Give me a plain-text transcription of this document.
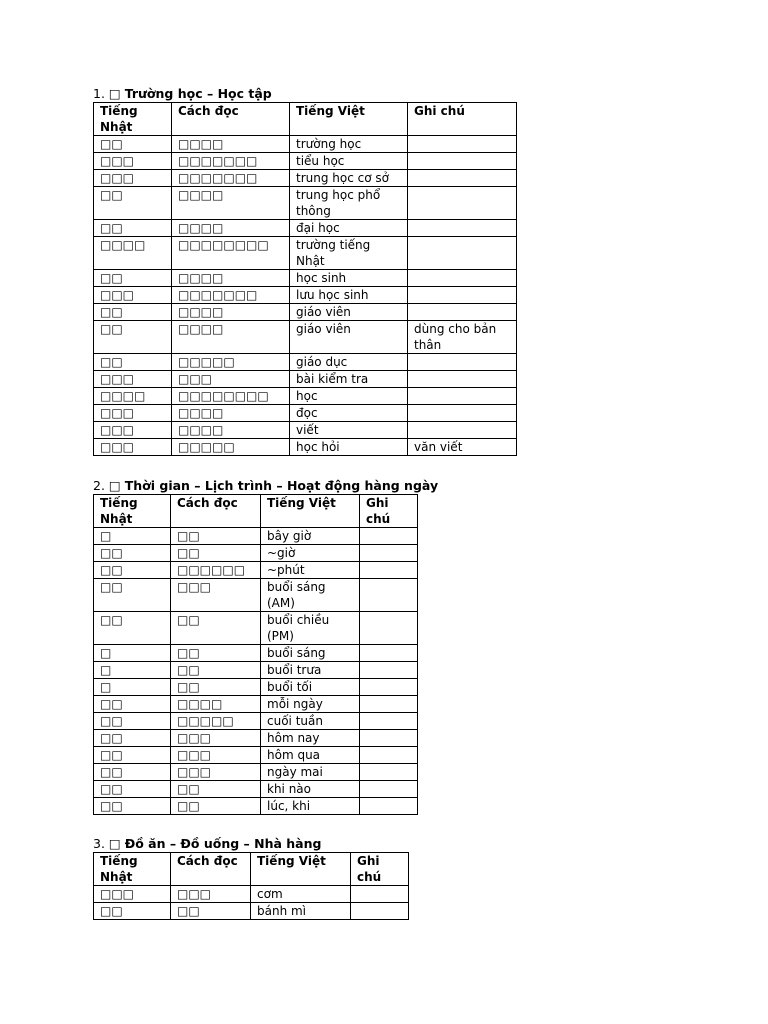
1. □ Trường học – Học tập
Tiếng Nhật	Cách đọc	Tiếng Việt	Ghi chú
□□	□□□□	trường học	
□□□	□□□□□□□	tiểu học	
□□□	□□□□□□□	trung học cơ sở	
□□	□□□□	trung học phổ thông	
□□	□□□□	đại học	
□□□□	□□□□□□□□	trường tiếng Nhật	
□□	□□□□	học sinh	
□□□	□□□□□□□	lưu học sinh	
□□	□□□□	giáo viên	
□□	□□□□	giáo viên	dùng cho bản thân
□□	□□□□□	giáo dục	
□□□	□□□	bài kiểm tra	
□□□□	□□□□□□□□	học	
□□□	□□□□	đọc	
□□□	□□□□	viết	
□□□	□□□□□	học hỏi	văn viết
2. □ Thời gian – Lịch trình – Hoạt động hàng ngày
Tiếng Nhật	Cách đọc	Tiếng Việt	Ghi chú
□	□□	bây giờ	
□□	□□	~giờ	
□□	□□□□□□	~phút	
□□	□□□	buổi sáng (AM)	
□□	□□	buổi chiều (PM)	
□	□□	buổi sáng	
□	□□	buổi trưa	
□	□□	buổi tối	
□□	□□□□	mỗi ngày	
□□	□□□□□	cuối tuần	
□□	□□□	hôm nay	
□□	□□□	hôm qua	
□□	□□□	ngày mai	
□□	□□	khi nào	
□□	□□	lúc, khi	
3. □ Đồ ăn – Đồ uống – Nhà hàng
Tiếng Nhật	Cách đọc	Tiếng Việt	Ghi chú
□□□	□□□	cơm	
□□	□□	bánh mì	
